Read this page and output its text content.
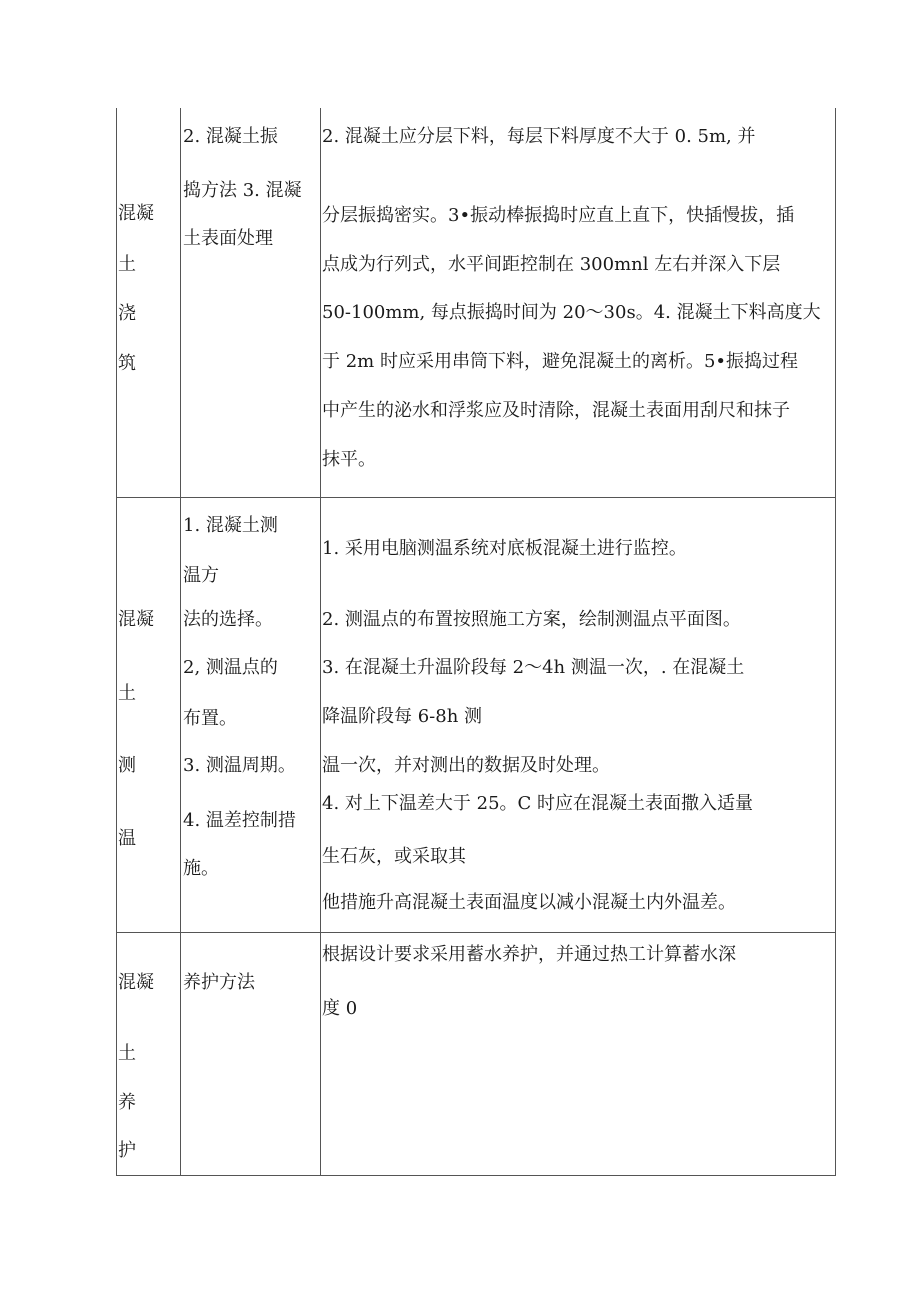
混凝
土
浇
筑
2. 混凝土振
捣方法 3. 混凝
土表面处理
2. 混凝土应分层下料，每层下料厚度不大于 0. 5m, 并
分层振捣密实。3•振动棒振捣时应直上直下，快插慢拔，插
点成为行列式，水平间距控制在 300mnl 左右并深入下层
50-100mm, 每点振捣时间为 20～30s。4. 混凝土下料高度大
于 2m 时应采用串筒下料，避免混凝土的离析。5•振捣过程
中产生的泌水和浮浆应及时清除，混凝土表面用刮尺和抹子
抹平。
混凝
土
测
温
1. 混凝土测
温方
法的选择。
2, 测温点的
布置。
3. 测温周期。
4. 温差控制措
施。
1. 采用电脑测温系统对底板混凝土进行监控。
2. 测温点的布置按照施工方案，绘制测温点平面图。
3. 在混凝土升温阶段每 2～4h 测温一次，. 在混凝土
降温阶段每 6-8h 测
温一次，并对测出的数据及时处理。
4. 对上下温差大于 25。C 时应在混凝土表面撒入适量
生石灰，或采取其
他措施升高混凝土表面温度以减小混凝土内外温差。
混凝
土
养
护
养护方法
根据设计要求采用蓄水养护，并通过热工计算蓄水深
度 0
